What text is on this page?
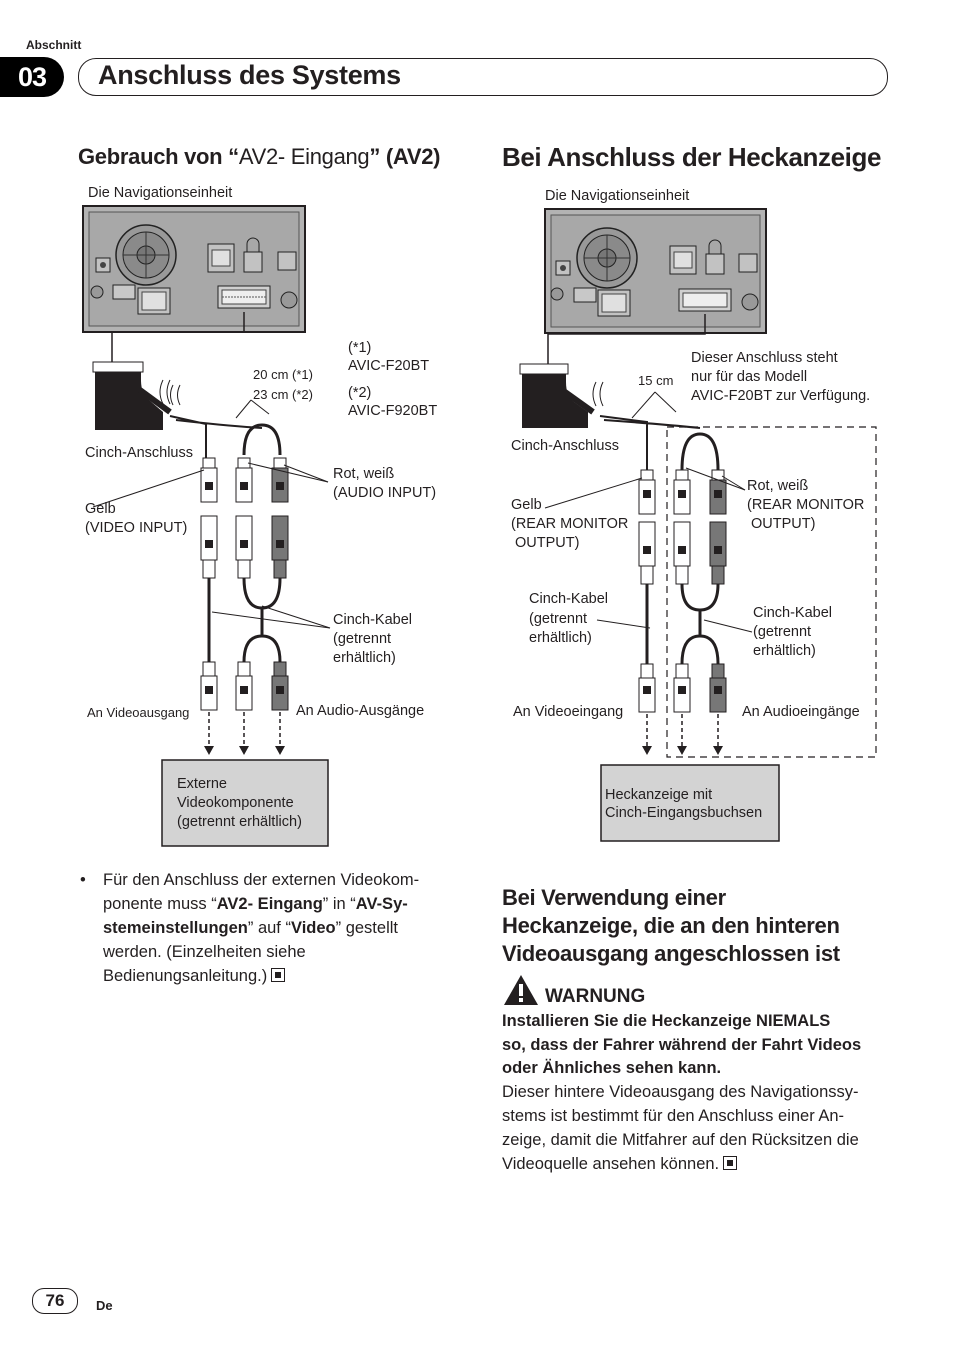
Abschnitt
03	Anschluss des Systems
Gebrauch von “AV2- Eingang” (AV2) Bei Anschluss der Heckanzeige
Die Navigationseinheit
(*1)
AVIC-F20BT
(*2)
AVIC-F920BT
20 cm (*1)
23 cm (*2)
Cinch-Anschluss
Rot, weiß
(AUDIO INPUT)
Gelb
(VIDEO INPUT)
Cinch-Kabel
(getrennt
erhältlich)
An Videoausgang	An Audio-Ausgänge
Externe
Videokomponente
(getrennt erhältlich)
• Für den Anschluss der externen Videokom-
ponente muss “AV2- Eingang” in “AV-Sy-
stemeinstellungen” auf “Video” gestellt
werden. (Einzelheiten siehe
Bedienungsanleitung.)
Die Navigationseinheit
15 cm
Dieser Anschluss steht
nur für das Modell
AVIC-F20BT zur Verfügung.
Cinch-Anschluss
Rot, weiß
(REAR MONITOR
OUTPUT)
Gelb
(REAR MONITOR
OUTPUT)
Cinch-Kabel
(getrennt
erhältlich)
Cinch-Kabel
(getrennt
erhältlich)
An Videoeingang	An Audioeingänge
Heckanzeige mit
Cinch-Eingangsbuchsen
Bei Verwendung einer
Heckanzeige, die an den hinteren
Videoausgang angeschlossen ist
WARNUNG
Installieren Sie die Heckanzeige NIEMALS
so, dass der Fahrer während der Fahrt Videos
oder Ähnliches sehen kann.
Dieser hintere Videoausgang des Navigationssy-
stems ist bestimmt für den Anschluss einer An-
zeige, damit die Mitfahrer auf den Rücksitzen die
Videoquelle ansehen können.
76	De
